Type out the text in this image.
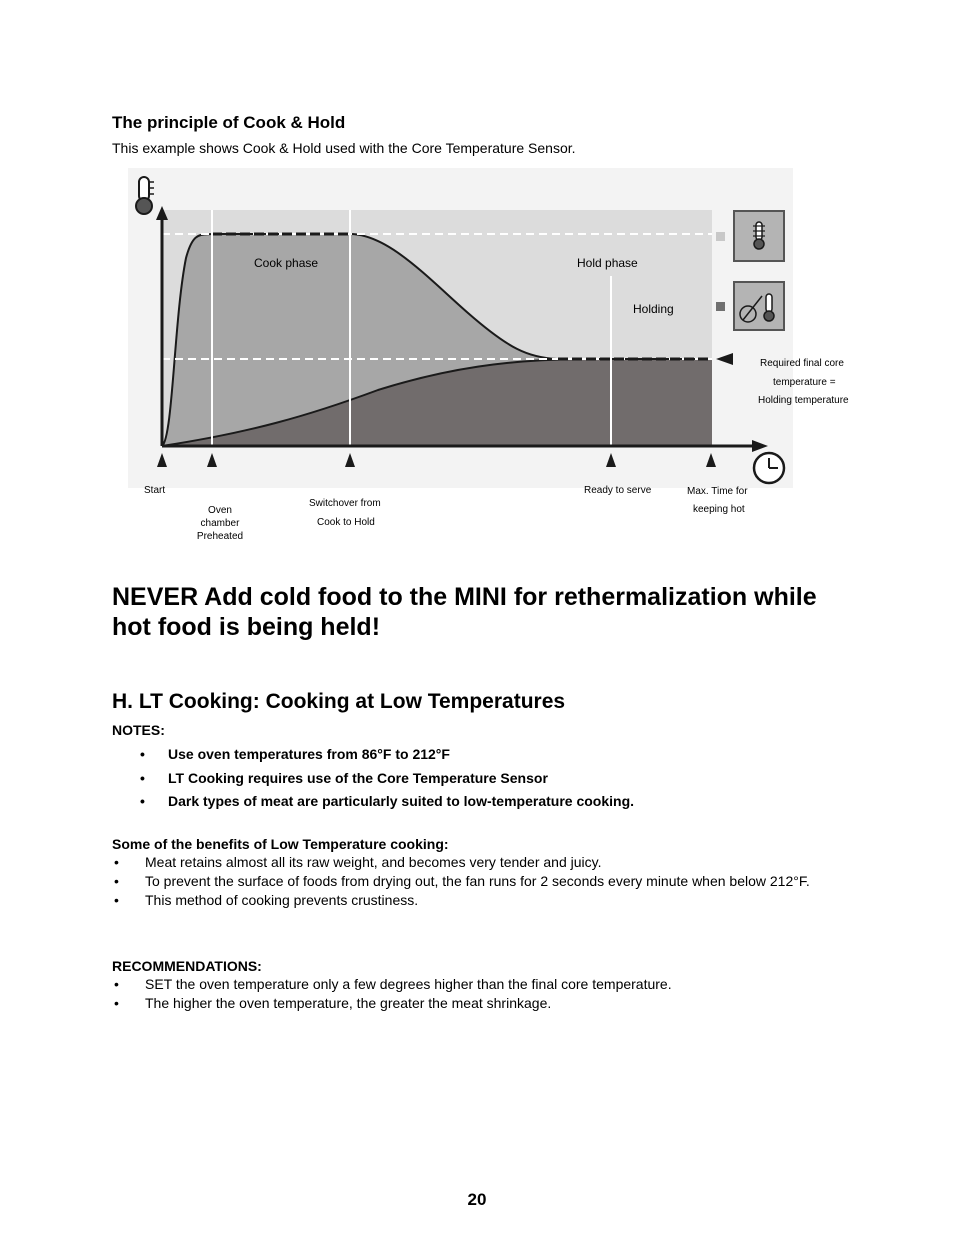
The principle of Cook & Hold
This example shows Cook & Hold used with the Core Temperature Sensor.
Cook phase	Hold phase
Holding
Required final core
temperature =
Holding temperature
Start
Oven chamber Preheated
Switchover from
Cook to Hold
Ready to serve	Max. Time for
keeping hot
NEVER Add cold food to the MINI for rethermalization while hot food is being held!
H. LT Cooking: Cooking at Low Temperatures
NOTES:
• Use oven temperatures from 86°F to 212°F
• LT Cooking requires use of the Core Temperature Sensor
• Dark types of meat are particularly suited to low-temperature cooking.
Some of the benefits of Low Temperature cooking:
• Meat retains almost all its raw weight, and becomes very tender and juicy.
• To prevent the surface of foods from drying out, the fan runs for 2 seconds every minute when below 212°F.
• This method of cooking prevents crustiness.
RECOMMENDATIONS:
• SET the oven temperature only a few degrees higher than the final core temperature.
• The higher the oven temperature, the greater the meat shrinkage.
20
